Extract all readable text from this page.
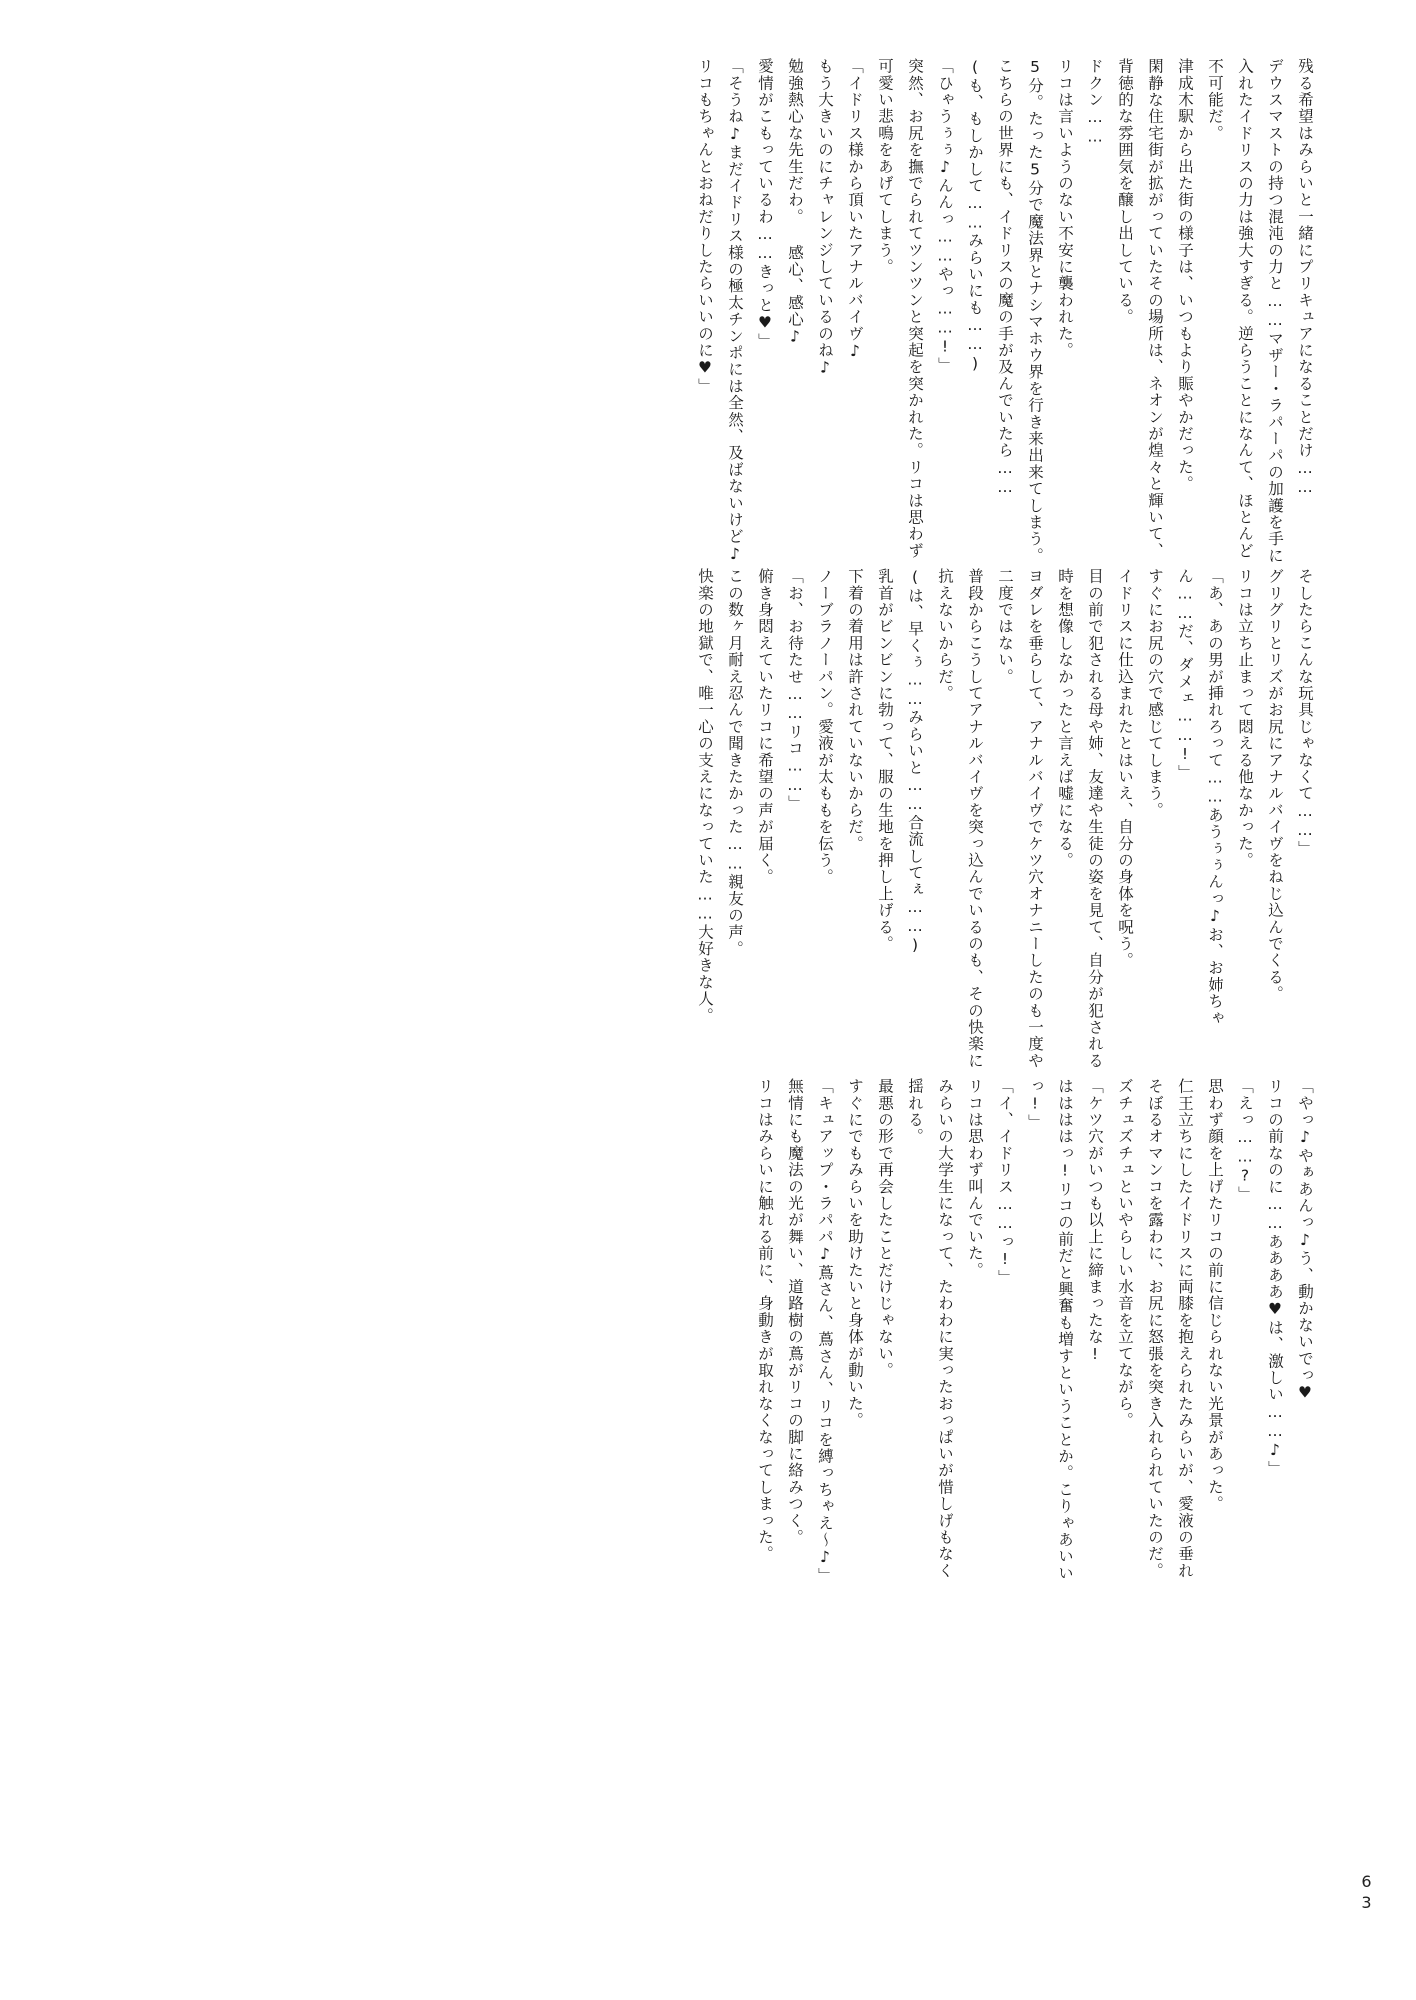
残る希望はみらいと一緒にプリキュアになることだけ……

デウスマストの持つ混沌の力と……マザー・ラパーパの加護を手に入れたイドリスの力は強大すぎる。逆らうことになんて、ほとんど不可能だ。

津成木駅から出た街の様子は、いつもより賑やかだった。

閑静な住宅街が拡がっていたその場所は、ネオンが煌々と輝いて、背徳的な雰囲気を醸し出している。

ドクン……

リコは言いようのない不安に襲われた。

5分。たった5分で魔法界とナシマホウ界を行き来出来てしまう。

こちらの世界にも、イドリスの魔の手が及んでいたら……

(も、もしかして……みらいにも……)

「ひゃうぅぅ♪んんっ……やっ……!」

突然、お尻を撫でられてツンツンと突起を突かれた。リコは思わず可愛い悲鳴をあげてしまう。

「イドリス様から頂いたアナルバイヴ♪

もう大きいのにチャレンジしているのね♪

勉強熱心な先生だわ。 感心、感心♪

愛情がこもっているわ……きっと♥」

「そうね♪まだイドリス様の極太チンポには全然、及ばないけど♪

リコもちゃんとおねだりしたらいいのに♥」

そしたらこんな玩具じゃなくて……」

グリグリとリズがお尻にアナルバイヴをねじ込んでくる。

リコは立ち止まって悶える他なかった。

「あ、あの男が挿れろって……あうぅぅんっ♪お、お姉ちゃん……だ、ダメェ……!」

すぐにお尻の穴で感じてしまう。

イドリスに仕込まれたとはいえ、自分の身体を呪う。

目の前で犯される母や姉、友達や生徒の姿を見て、自分が犯される時を想像しなかったと言えば嘘になる。

ヨダレを垂らして、アナルバイヴでケツ穴オナニーしたのも一度や二度ではない。

普段からこうしてアナルバイヴを突っ込んでいるのも、その快楽に抗えないからだ。

(は、早くぅ……みらいと……合流してぇ……)

乳首がビンビンに勃って、服の生地を押し上げる。

下着の着用は許されていないからだ。

ノーブラノーパン。愛液が太ももを伝う。

「お、お待たせ……リコ……」

俯き身悶えていたリコに希望の声が届く。

この数ヶ月耐え忍んで聞きたかった……親友の声。

快楽の地獄で、唯一心の支えになっていた……大好きな人。

「やっ♪やぁあんっ♪う、動かないでっ♥

リコの前なのに……ああああ♥は、激しい……♪」

「えっ……?」

思わず顔を上げたリコの前に信じられない光景があった。

仁王立ちにしたイドリスに両膝を抱えられたみらいが、愛液の垂れそぼるオマンコを露わに、お尻に怒張を突き入れられていたのだ。

ズチュズチュといやらしい水音を立てながら。

「ケツ穴がいつも以上に締まったな!

ははははっ!リコの前だと興奮も増すということか。こりゃあいいっ!」

「イ、イドリス……っ!」

リコは思わず叫んでいた。

みらいの大学生になって、たわわに実ったおっぱいが惜しげもなく揺れる。

最悪の形で再会したことだけじゃない。

すぐにでもみらいを助けたいと身体が動いた。

「キュアップ・ラパパ♪蔦さん、蔦さん、リコを縛っちゃえ～♪」

無情にも魔法の光が舞い、道路樹の蔦がリコの脚に絡みつく。

リコはみらいに触れる前に、身動きが取れなくなってしまった。

63
